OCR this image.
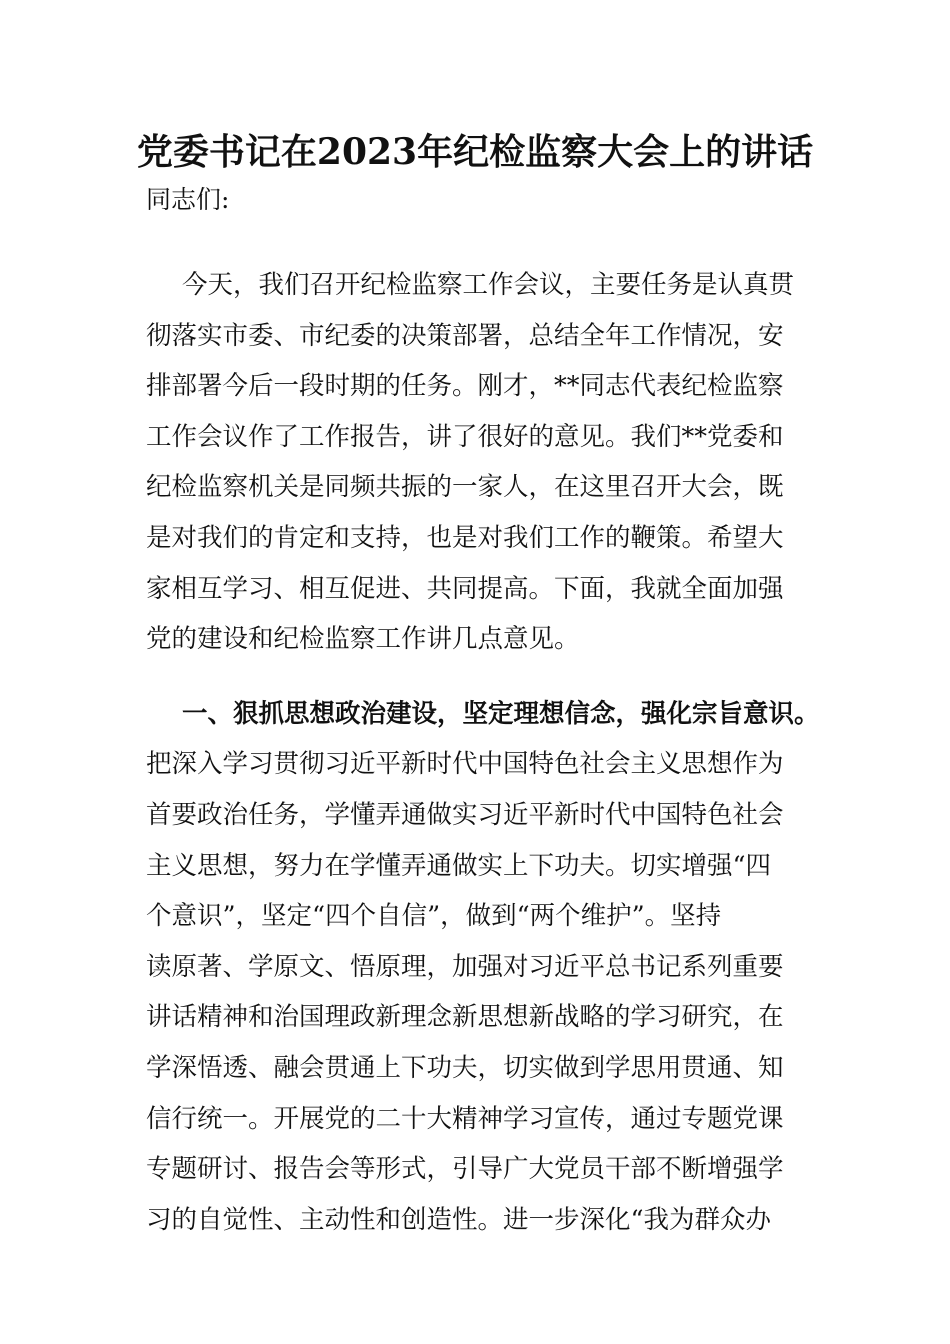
党委书记在2023年纪检监察大会上的讲话
同志们:
今天，我们召开纪检监察工作会议，主要任务是认真贯
彻落实市委、市纪委的决策部署，总结全年工作情况，安
排部署今后一段时期的任务。刚才，**同志代表纪检监察
工作会议作了工作报告，讲了很好的意见。我们**党委和
纪检监察机关是同频共振的一家人，在这里召开大会，既
是对我们的肯定和支持，也是对我们工作的鞭策。希望大
家相互学习、相互促进、共同提高。下面，我就全面加强
党的建设和纪检监察工作讲几点意见。
一、狠抓思想政治建设，坚定理想信念，强化宗旨意识。
把深入学习贯彻习近平新时代中国特色社会主义思想作为
首要政治任务，学懂弄通做实习近平新时代中国特色社会
主义思想，努力在学懂弄通做实上下功夫。切实增强“四
个意识”，坚定“四个自信”，做到“两个维护”。坚持
读原著、学原文、悟原理，加强对习近平总书记系列重要
讲话精神和治国理政新理念新思想新战略的学习研究，在
学深悟透、融会贯通上下功夫，切实做到学思用贯通、知
信行统一。开展党的二十大精神学习宣传，通过专题党课
专题研讨、报告会等形式，引导广大党员干部不断增强学
习的自觉性、主动性和创造性。进一步深化“我为群众办
